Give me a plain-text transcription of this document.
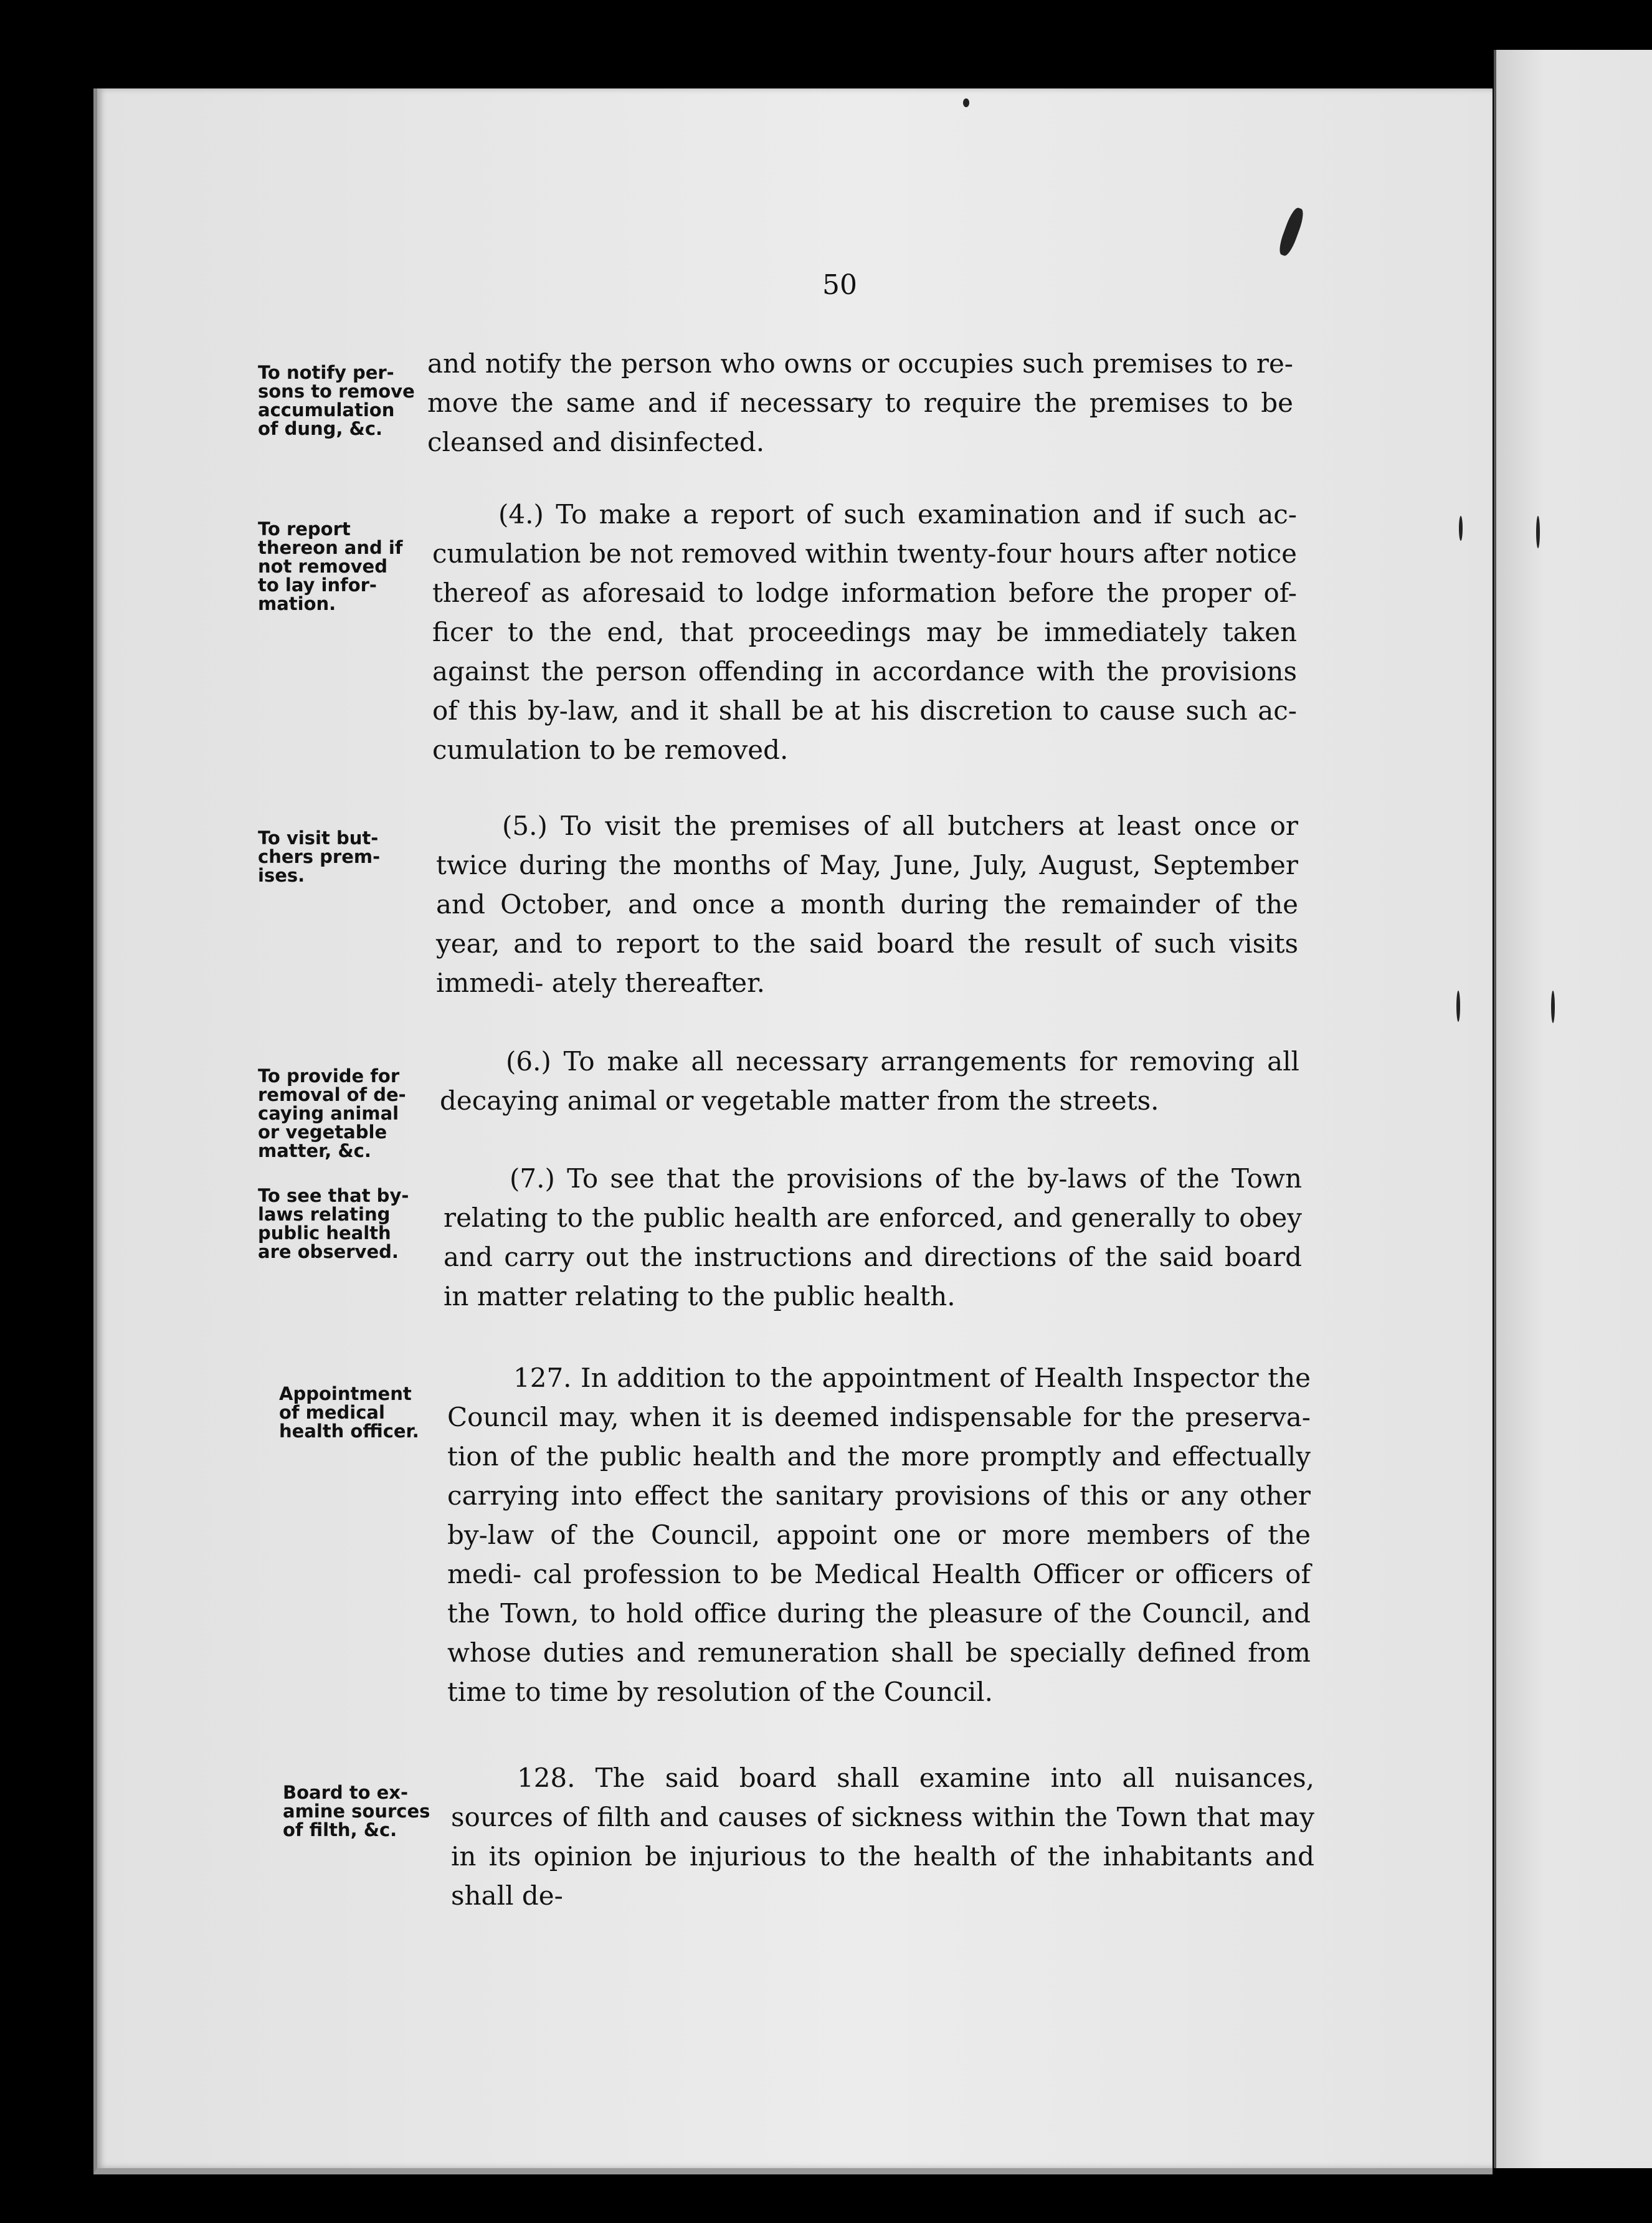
50
To notify per-
sons to remove
accumulation
of dung, &c.
To report
thereon and if
not removed
to lay infor-
mation.
To visit but-
chers prem-
ises.
To provide for
removal of de-
caying animal
or vegetable
matter, &c.
To see that by-
laws relating
public health
are observed.
Appointment
of medical
health officer.
Board to ex-
amine sources
of filth, &c.

and notify the person who owns or occupies such premises to re- move the same and if necessary to require the premises to be cleansed and disinfected.

(4.) To make a report of such examination and if such ac- cumulation be not removed within twenty-four hours after notice thereof as aforesaid to lodge information before the proper of- ficer to the end, that proceedings may be immediately taken against the person offending in accordance with the provisions of this by-law, and it shall be at his discretion to cause such ac- cumulation to be removed.

(5.) To visit the premises of all butchers at least once or twice during the months of May, June, July, August, September and October, and once a month during the remainder of the year, and to report to the said board the result of such visits immedi- ately thereafter.

(6.) To make all necessary arrangements for removing all decaying animal or vegetable matter from the streets.

(7.) To see that the provisions of the by-laws of the Town relating to the public health are enforced, and generally to obey and carry out the instructions and directions of the said board in matter relating to the public health.

127. In addition to the appointment of Health Inspector the Council may, when it is deemed indispensable for the preserva- tion of the public health and the more promptly and effectually carrying into effect the sanitary provisions of this or any other by-law of the Council, appoint one or more members of the medi- cal profession to be Medical Health Officer or officers of the Town, to hold office during the pleasure of the Council, and whose duties and remuneration shall be specially defined from time to time by resolution of the Council.

128. The said board shall examine into all nuisances, sources of filth and causes of sickness within the Town that may in its opinion be injurious to the health of the inhabitants and shall de-
